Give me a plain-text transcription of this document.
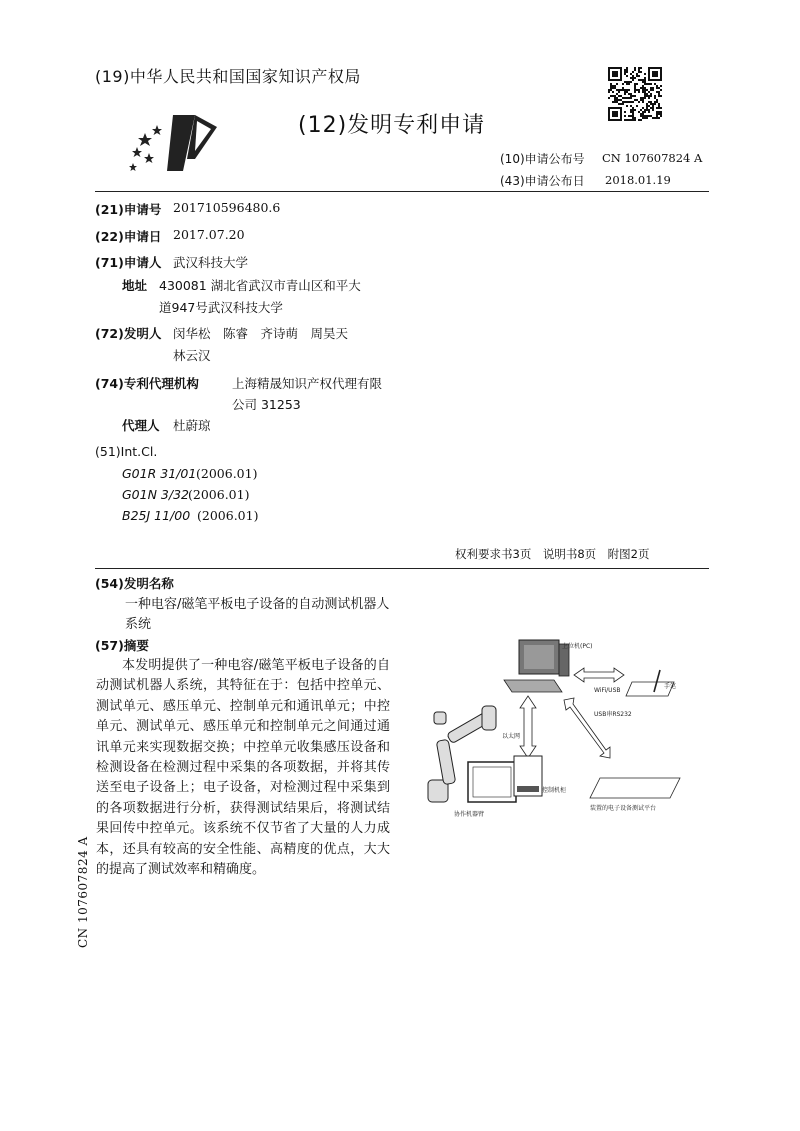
(19)中华人民共和国国家知识产权局
(12)发明专利申请
(10)申请公布号 CN 107607824 A
(43)申请公布日 2018.01.19
(21)申请号 201710596480.6
(22)申请日 2017.07.20
(71)申请人 武汉科技大学
地址 430081 湖北省武汉市青山区和平大
道947号武汉科技大学
(72)发明人 闵华松　陈睿　齐诗萌　周昊天
林云汉
(74)专利代理机构	上海精晟知识产权代理有限
公司 31253
代理人 杜蔚琼
(51)Int.Cl.
G01R 31/01 (2006.01)
G01N 3/32 (2006.01)
B25J 11/00 (2006.01)
权利要求书3页　说明书8页　附图2页
(54)发明名称
一种电容/磁笔平板电子设备的自动测试机器人系统
(57)摘要
本发明提供了一种电容/磁笔平板电子设备的自动测试机器人系统，其特征在于：包括中控单元、测试单元、感压单元、控制单元和通讯单元；中控单元、测试单元、感压单元和控制单元之间通过通讯单元来实现数据交换；中控单元收集感压设备和检测设备在检测过程中采集的各项数据，并将其传送至电子设备上；电子设备，对检测过程中采集到的各项数据进行分析，获得测试结果后，将测试结果回传中控单元。该系统不仅节省了大量的人力成本，还具有较高的安全性能、高精度的优点，大大的提高了测试效率和精确度。
上位机(PC)
WiFi/USB
手笔
USB串RS232
以太网
协作机器臂
控制机柜
装置的电子设备测试平台
CN 107607824 A
